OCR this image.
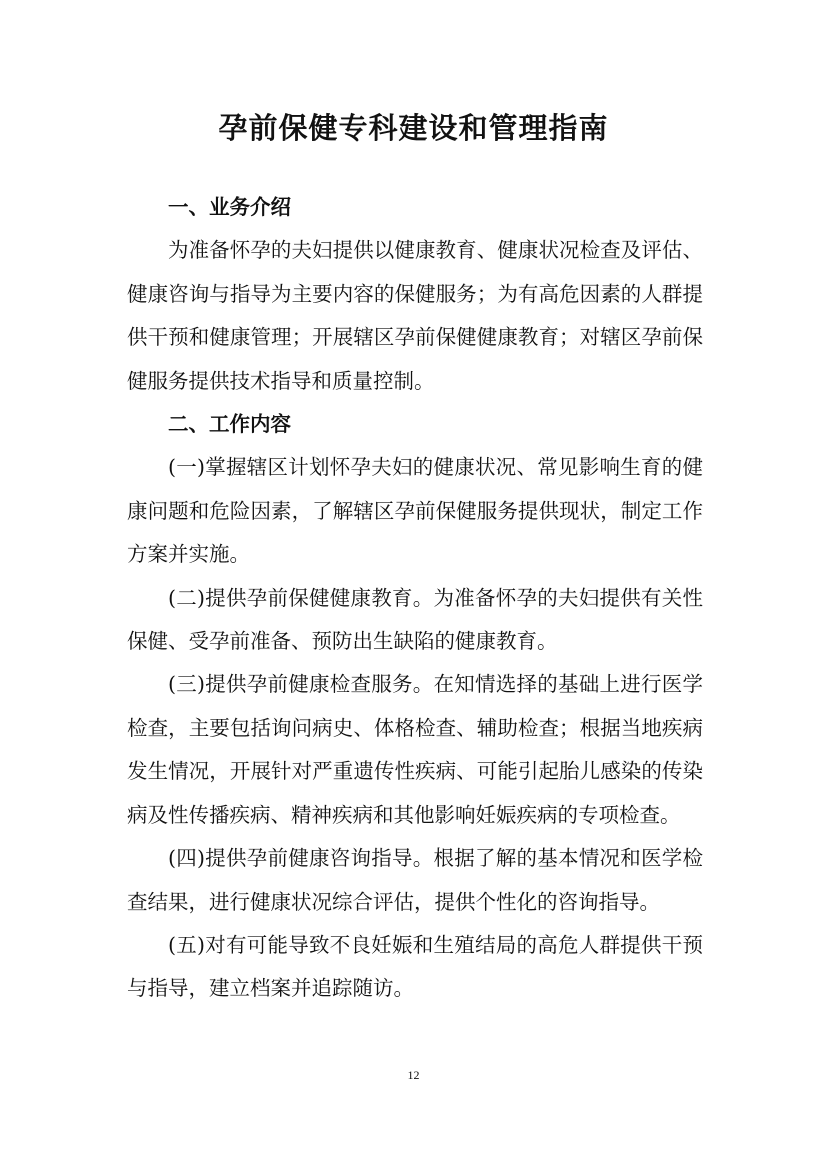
孕前保健专科建设和管理指南

一、业务介绍

为准备怀孕的夫妇提供以健康教育、健康状况检查及评估、健康咨询与指导为主要内容的保健服务；为有高危因素的人群提供干预和健康管理；开展辖区孕前保健健康教育；对辖区孕前保健服务提供技术指导和质量控制。

二、工作内容

(一)掌握辖区计划怀孕夫妇的健康状况、常见影响生育的健康问题和危险因素，了解辖区孕前保健服务提供现状，制定工作方案并实施。

(二)提供孕前保健健康教育。为准备怀孕的夫妇提供有关性保健、受孕前准备、预防出生缺陷的健康教育。

(三)提供孕前健康检查服务。在知情选择的基础上进行医学检查，主要包括询问病史、体格检查、辅助检查；根据当地疾病发生情况，开展针对严重遗传性疾病、可能引起胎儿感染的传染病及性传播疾病、精神疾病和其他影响妊娠疾病的专项检查。

(四)提供孕前健康咨询指导。根据了解的基本情况和医学检查结果，进行健康状况综合评估，提供个性化的咨询指导。

(五)对有可能导致不良妊娠和生殖结局的高危人群提供干预与指导，建立档案并追踪随访。

12
